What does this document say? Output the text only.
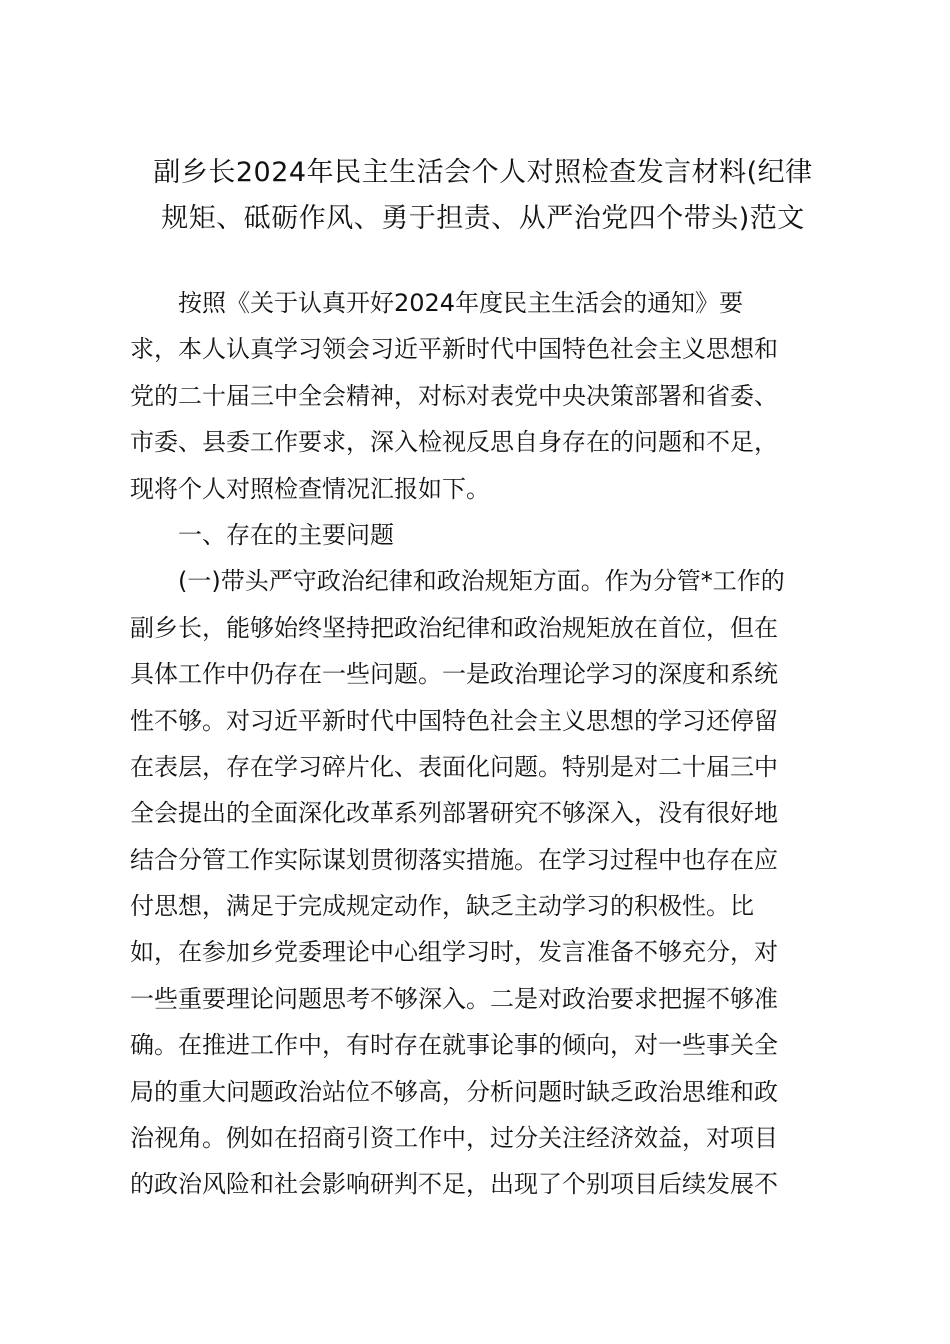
副乡长2024年民主生活会个人对照检查发言材料(纪律
规矩、砥砺作风、勇于担责、从严治党四个带头)范文
按照《关于认真开好2024年度民主生活会的通知》要
求，本人认真学习领会习近平新时代中国特色社会主义思想和
党的二十届三中全会精神，对标对表党中央决策部署和省委、
市委、县委工作要求，深入检视反思自身存在的问题和不足，
现将个人对照检查情况汇报如下。
一、存在的主要问题
(一)带头严守政治纪律和政治规矩方面。作为分管*工作的
副乡长，能够始终坚持把政治纪律和政治规矩放在首位，但在
具体工作中仍存在一些问题。一是政治理论学习的深度和系统
性不够。对习近平新时代中国特色社会主义思想的学习还停留
在表层，存在学习碎片化、表面化问题。特别是对二十届三中
全会提出的全面深化改革系列部署研究不够深入，没有很好地
结合分管工作实际谋划贯彻落实措施。在学习过程中也存在应
付思想，满足于完成规定动作，缺乏主动学习的积极性。比
如，在参加乡党委理论中心组学习时，发言准备不够充分，对
一些重要理论问题思考不够深入。二是对政治要求把握不够准
确。在推进工作中，有时存在就事论事的倾向，对一些事关全
局的重大问题政治站位不够高，分析问题时缺乏政治思维和政
治视角。例如在招商引资工作中，过分关注经济效益，对项目
的政治风险和社会影响研判不足，出现了个别项目后续发展不
